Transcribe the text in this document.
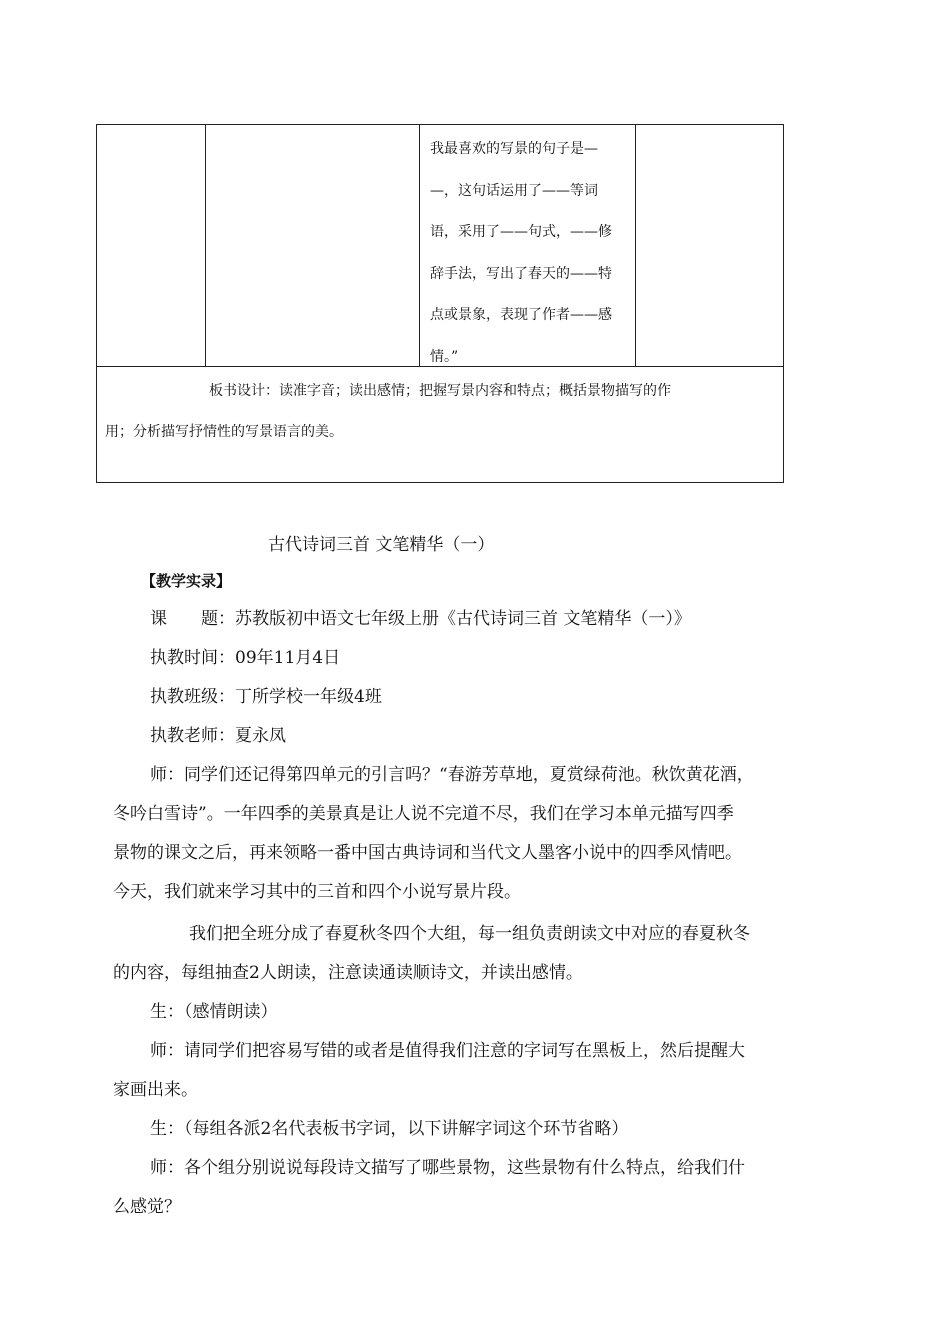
我最喜欢的写景的句子是—

—，这句话运用了——等词

语，采用了——句式，——修

辞手法，写出了春天的——特

点或景象，表现了作者——感

情。”

板书设计：读准字音；读出感情；把握写景内容和特点；概括景物描写的作

用；分析描写抒情性的写景语言的美。

古代诗词三首 文笔精华（一）
【教学实录】
课　　题：苏教版初中语文七年级上册《古代诗词三首 文笔精华（一）》
执教时间：09年11月4日
执教班级：丁所学校一年级4班
执教老师：夏永凤
师：同学们还记得第四单元的引言吗？“春游芳草地，夏赏绿荷池。秋饮黄花酒，
冬吟白雪诗”。一年四季的美景真是让人说不完道不尽，我们在学习本单元描写四季
景物的课文之后，再来领略一番中国古典诗词和当代文人墨客小说中的四季风情吧。
今天，我们就来学习其中的三首和四个小说写景片段。
我们把全班分成了春夏秋冬四个大组，每一组负责朗读文中对应的春夏秋冬
的内容，每组抽查2人朗读，注意读通读顺诗文，并读出感情。
生：（感情朗读）
师：请同学们把容易写错的或者是值得我们注意的字词写在黑板上，然后提醒大
家画出来。
生：（每组各派2名代表板书字词，以下讲解字词这个环节省略）
师：各个组分别说说每段诗文描写了哪些景物，这些景物有什么特点，给我们什
么感觉？
